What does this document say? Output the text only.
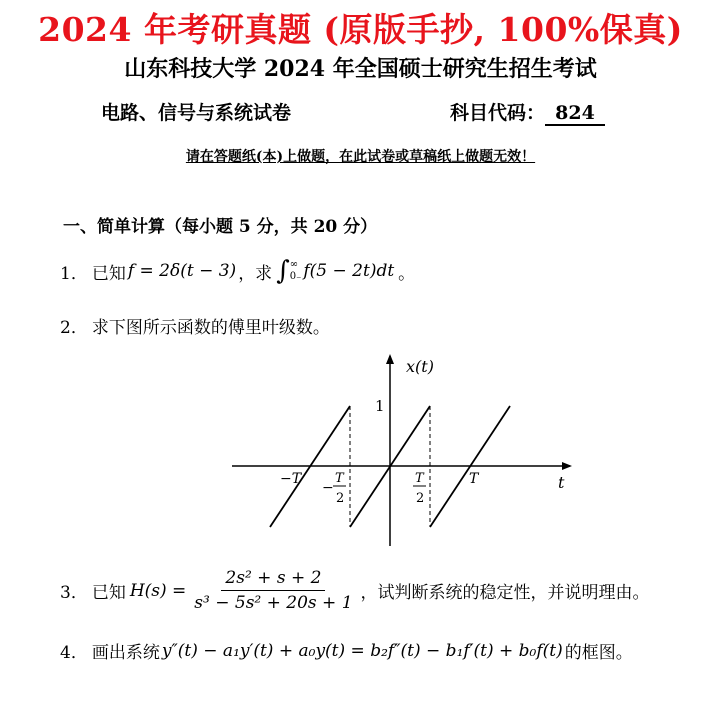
2024 年考研真题 (原版手抄, 100%保真)
山东科技大学 2024 年全国硕士研究生招生考试
电路、信号与系统试卷	科目代码： 824
请在答题纸(本)上做题，在此试卷或草稿纸上做题无效！
一、简单计算（每小题 5 分，共 20 分）
1． 已知 f = 2δ(t − 3) ，求 ∫ ∞
0₋ f(5 − 2t)dt 。
2． 求下图所示函数的傅里叶级数。
x(t)
1
t
−T	T
−
T
2
T
2
3． 已知 $H(s) = \frac{\text{2s² + s + 2}}{\text{s³ − 5s² + 20s + 1}}$ ，试判断系统的稳定性，并说明理由。
4． 画出系统 y″(t) − a₁y′(t) + a₀y(t) = b₂f″(t) − b₁f′(t) + b₀f(t) 的框图。
